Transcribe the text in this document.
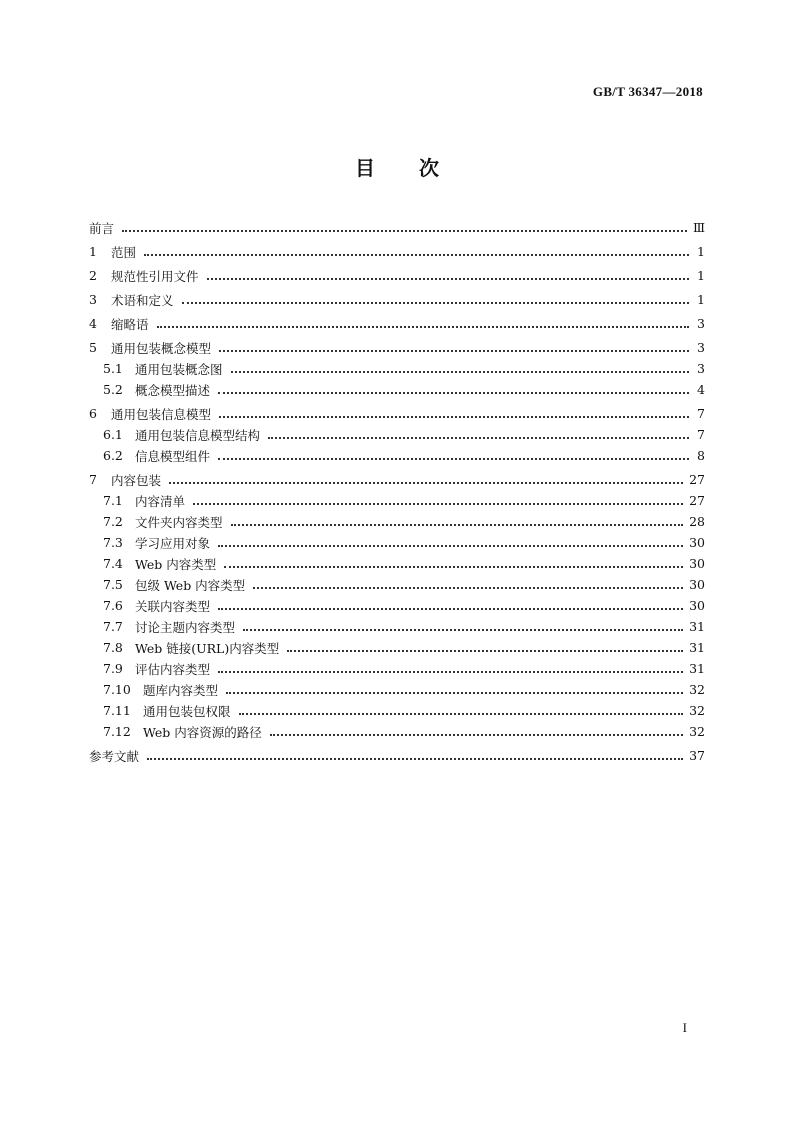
GB/T 36347—2018
目 次
前言	Ⅲ
1	范围	1
2	规范性引用文件	1
3	术语和定义	1
4	缩略语	3
5	通用包装概念模型	3
5.1 通用包装概念图	3
5.2 概念模型描述	4
6	通用包装信息模型	7
6.1 通用包装信息模型结构	7
6.2 信息模型组件	8
7	内容包装	27
7.1 内容清单	27
7.2 文件夹内容类型	28
7.3 学习应用对象	30
7.4 Web 内容类型	30
7.5 包级 Web 内容类型	30
7.6 关联内容类型	30
7.7 讨论主题内容类型	31
7.8 Web 链接(URL)内容类型	31
7.9 评估内容类型	31
7.10 题库内容类型	32
7.11 通用包装包权限	32
7.12 Web 内容资源的路径	32
参考文献	37
I
